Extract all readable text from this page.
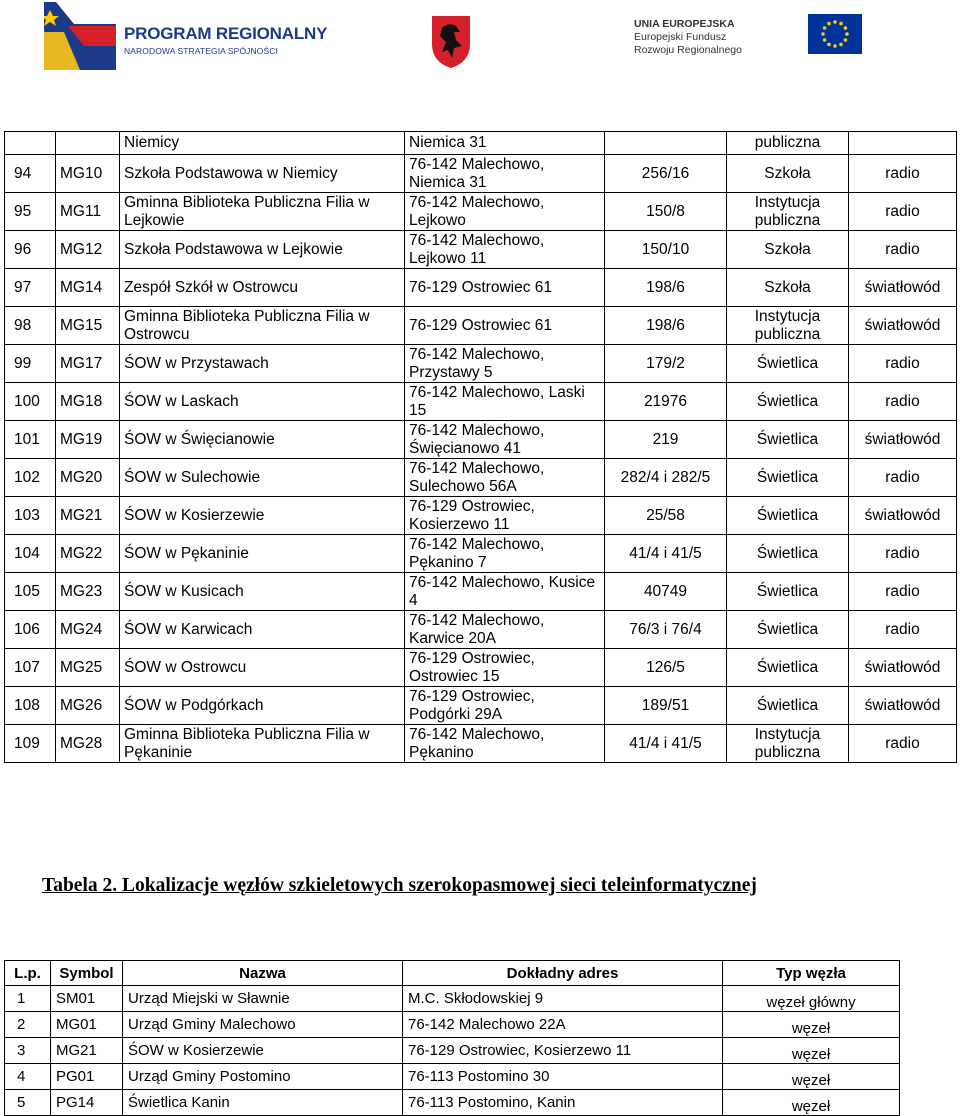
PROGRAM REGIONALNY
NARODOWA STRATEGIA SPÓJNOŚCI
UNIA EUROPEJSKA
Europejski Fundusz
Rozwoju Regionalnego
		Niemicy	Niemica 31		publiczna	
94	MG10	Szkoła Podstawowa w Niemicy	76-142 Malechowo, Niemica 31	256/16	Szkoła	radio
95	MG11	Gminna Biblioteka Publiczna Filia w Lejkowie	76-142 Malechowo, Lejkowo	150/8	Instytucja publiczna	radio
96	MG12	Szkoła Podstawowa w Lejkowie	76-142 Malechowo, Lejkowo 11	150/10	Szkoła	radio
97	MG14	Zespół Szkół w Ostrowcu	76-129 Ostrowiec 61	198/6	Szkoła	światłowód
98	MG15	Gminna Biblioteka Publiczna Filia w Ostrowcu	76-129 Ostrowiec 61	198/6	Instytucja publiczna	światłowód
99	MG17	ŚOW w Przystawach	76-142 Malechowo, Przystawy 5	179/2	Świetlica	radio
100	MG18	ŚOW w Laskach	76-142 Malechowo, Laski 15	21976	Świetlica	radio
101	MG19	ŚOW w Święcianowie	76-142 Malechowo, Święcianowo 41	219	Świetlica	światłowód
102	MG20	ŚOW w Sulechowie	76-142 Malechowo, Sulechowo 56A	282/4 i 282/5	Świetlica	radio
103	MG21	ŚOW w Kosierzewie	76-129 Ostrowiec, Kosierzewo 11	25/58	Świetlica	światłowód
104	MG22	ŚOW w Pękaninie	76-142 Malechowo, Pękanino 7	41/4 i 41/5	Świetlica	radio
105	MG23	ŚOW w Kusicach	76-142 Malechowo, Kusice 4	40749	Świetlica	radio
106	MG24	ŚOW w Karwicach	76-142 Malechowo, Karwice 20A	76/3 i 76/4	Świetlica	radio
107	MG25	ŚOW w Ostrowcu	76-129 Ostrowiec, Ostrowiec 15	126/5	Świetlica	światłowód
108	MG26	ŚOW w Podgórkach	76-129 Ostrowiec, Podgórki 29A	189/51	Świetlica	światłowód
109	MG28	Gminna Biblioteka Publiczna Filia w Pękaninie	76-142 Malechowo, Pękanino	41/4 i 41/5	Instytucja publiczna	radio
Tabela 2. Lokalizacje węzłów szkieletowych szerokopasmowej sieci teleinformatycznej
L.p.	Symbol	Nazwa	Dokładny adres	Typ węzła
1	SM01	Urząd Miejski w Sławnie	M.C. Skłodowskiej 9	węzeł główny
2	MG01	Urząd Gminy Malechowo	76-142 Malechowo 22A	węzeł
3	MG21	ŚOW w Kosierzewie	76-129 Ostrowiec, Kosierzewo 11	węzeł
4	PG01	Urząd Gminy Postomino	76-113 Postomino 30	węzeł
5	PG14	Świetlica Kanin	76-113 Postomino, Kanin	węzeł
